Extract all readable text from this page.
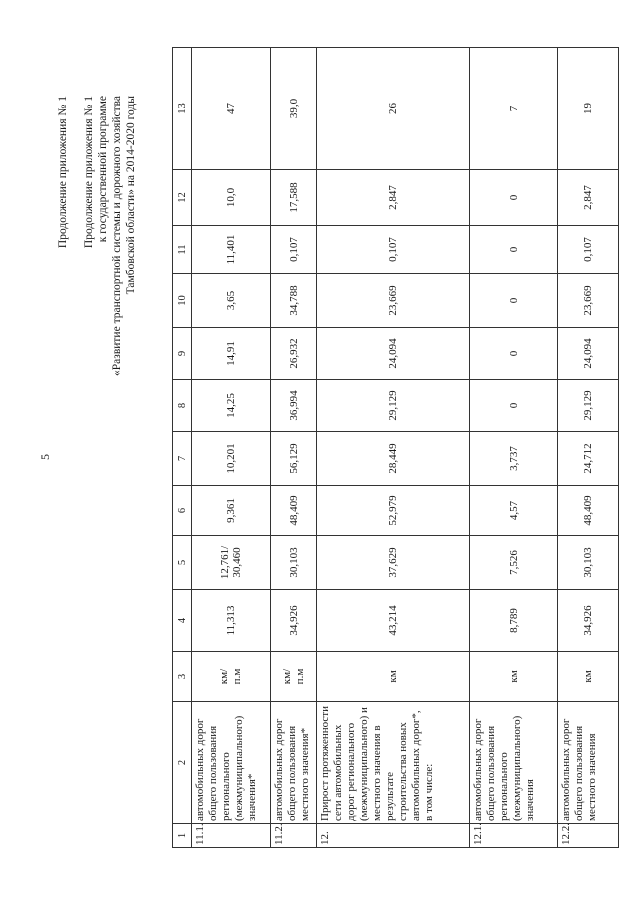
5
Продолжение приложения № 1 Продолжение приложения № 1 к государственной программе «Развитие транспортной системы и дорожного хозяйства Тамбовской области» на 2014-2020 годы
1	2	3	4	5	6	7	8	9	10	11	12	13
11.1.	автомобильных дорог общего пользования регионального (межмуниципального) значения*	км/ п.м	11,313	12,761/ 30,460	9,361	10,201	14,25	14,91	3,65	11,401	10,0	47
11.2.	автомобильных дорог общего пользования местного значения*	км/ п.м	34,926	30,103	48,409	56,129	36,994	26,932	34,788	0,107	17,588	39,0
12.	Прирост протяженности сети автомобильных дорог регионального (межмуниципального) и местного значения в результате строительства новых автомобильных дорог*, в том числе:	км	43,214	37,629	52,979	28,449	29,129	24,094	23,669	0,107	2,847	26
12.1.	автомобильных дорог общего пользования регионального (межмуниципального) значения	км	8,789	7,526	4,57	3,737	0	0	0	0	0	7
12.2.	автомобильных дорог общего пользования местного значения	км	34,926	30,103	48,409	24,712	29,129	24,094	23,669	0,107	2,847	19
